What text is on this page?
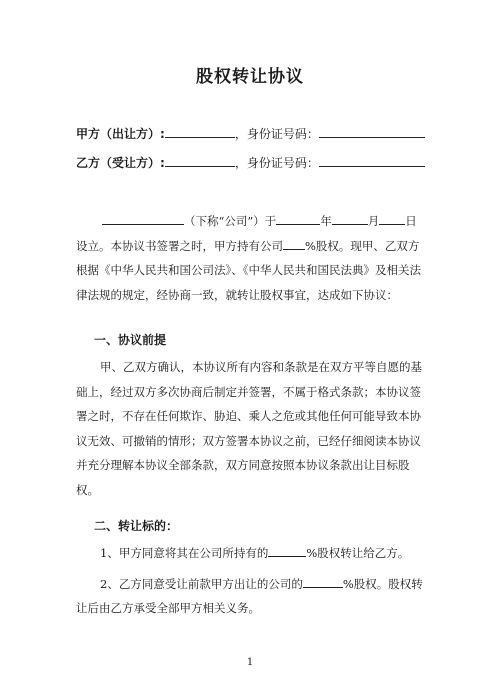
股权转让协议
甲方（出让方）:	，身份证号码：
乙方（受让方）:	，身份证号码：
（下称“公司”）于	年	月 日
设立。本协议书签署之时，甲方持有公司 %股权。现甲、乙双方
根据《中华人民共和国公司法》、《中华人民共和国民法典》及相关法
律法规的规定，经协商一致，就转让股权事宜，达成如下协议：
一、协议前提
甲、乙双方确认，本协议所有内容和条款是在双方平等自愿的基
础上，经过双方多次协商后制定并签署，不属于格式条款；本协议签
署之时，不存在任何欺诈、胁迫、乘人之危或其他任何可能导致本协
议无效、可撤销的情形；双方签署本协议之前，已经仔细阅读本协议
并充分理解本协议全部条款，双方同意按照本协议条款出让目标股
权。
二、转让标的：
1、甲方同意将其在公司所持有的	%股权转让给乙方。
2、乙方同意受让前款甲方出让的公司的	%股权。股权转
让后由乙方承受全部甲方相关义务。
1
